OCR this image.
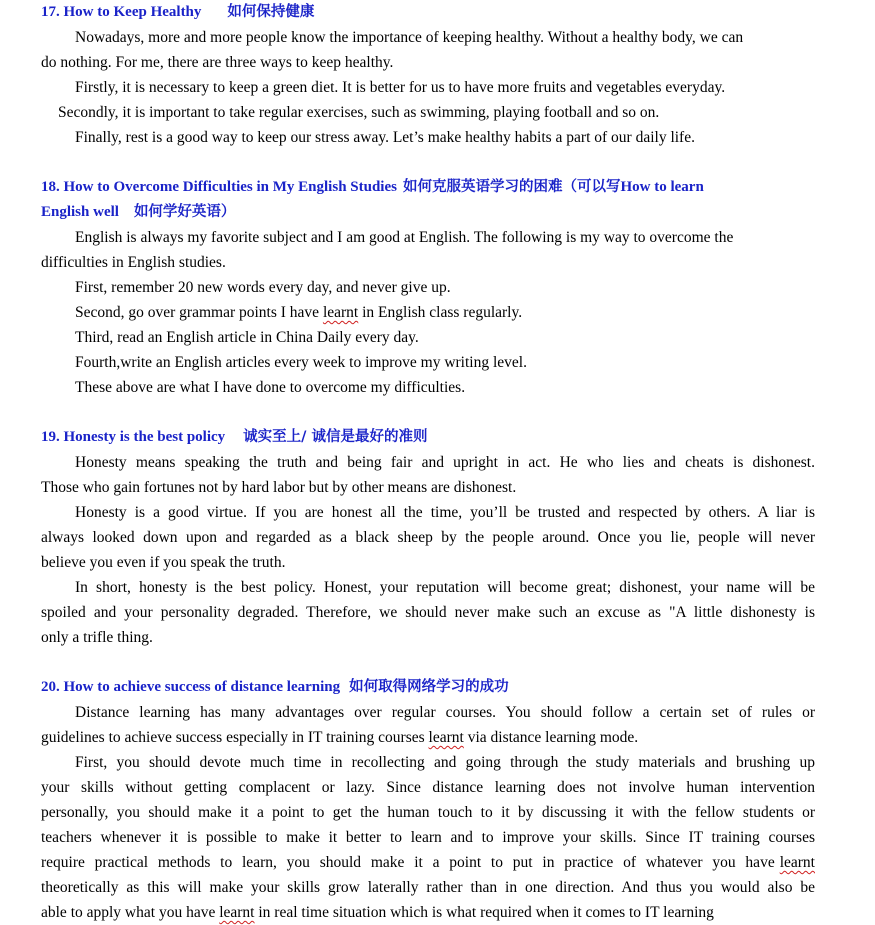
17. How to Keep Healthy 如何保持健康
Nowadays, more and more people know the importance of keeping healthy. Without a healthy body, we can
do nothing. For me, there are three ways to keep healthy.
Firstly, it is necessary to keep a green diet. It is better for us to have more fruits and vegetables everyday.
Secondly, it is important to take regular exercises, such as swimming, playing football and so on.
Finally, rest is a good way to keep our stress away. Let’s make healthy habits a part of our daily life.
18. How to Overcome Difficulties in My English Studies 如何克服英语学习的困难（可以写How to learn
English well 如何学好英语）
English is always my favorite subject and I am good at English. The following is my way to overcome the
difficulties in English studies.
First, remember 20 new words every day, and never give up.
Second, go over grammar points I have learnt in English class regularly.
Third, read an English article in China Daily every day.
Fourth,write an English articles every week to improve my writing level.
These above are what I have done to overcome my difficulties.
19. Honesty is the best policy 诚实至上/ 诚信是最好的准则
Honesty means speaking the truth and being fair and upright in act. He who lies and cheats is dishonest.
Those who gain fortunes not by hard labor but by other means are dishonest.
Honesty is a good virtue. If you are honest all the time, you’ll be trusted and respected by others. A liar is
always looked down upon and regarded as a black sheep by the people around. Once you lie, people will never
believe you even if you speak the truth.
In short, honesty is the best policy. Honest, your reputation will become great; dishonest, your name will be
spoiled and your personality degraded. Therefore, we should never make such an excuse as "A little dishonesty is
only a trifle thing.
20. How to achieve success of distance learning 如何取得网络学习的成功
Distance learning has many advantages over regular courses. You should follow a certain set of rules or
guidelines to achieve success especially in IT training courses learnt via distance learning mode.
First, you should devote much time in recollecting and going through the study materials and brushing up
your skills without getting complacent or lazy. Since distance learning does not involve human intervention
personally, you should make it a point to get the human touch to it by discussing it with the fellow students or
teachers whenever it is possible to make it better to learn and to improve your skills. Since IT training courses
require practical methods to learn, you should make it a point to put in practice of whatever you have learnt
theoretically as this will make your skills grow laterally rather than in one direction. And thus you would also be
able to apply what you have learnt in real time situation which is what required when it comes to IT learning
